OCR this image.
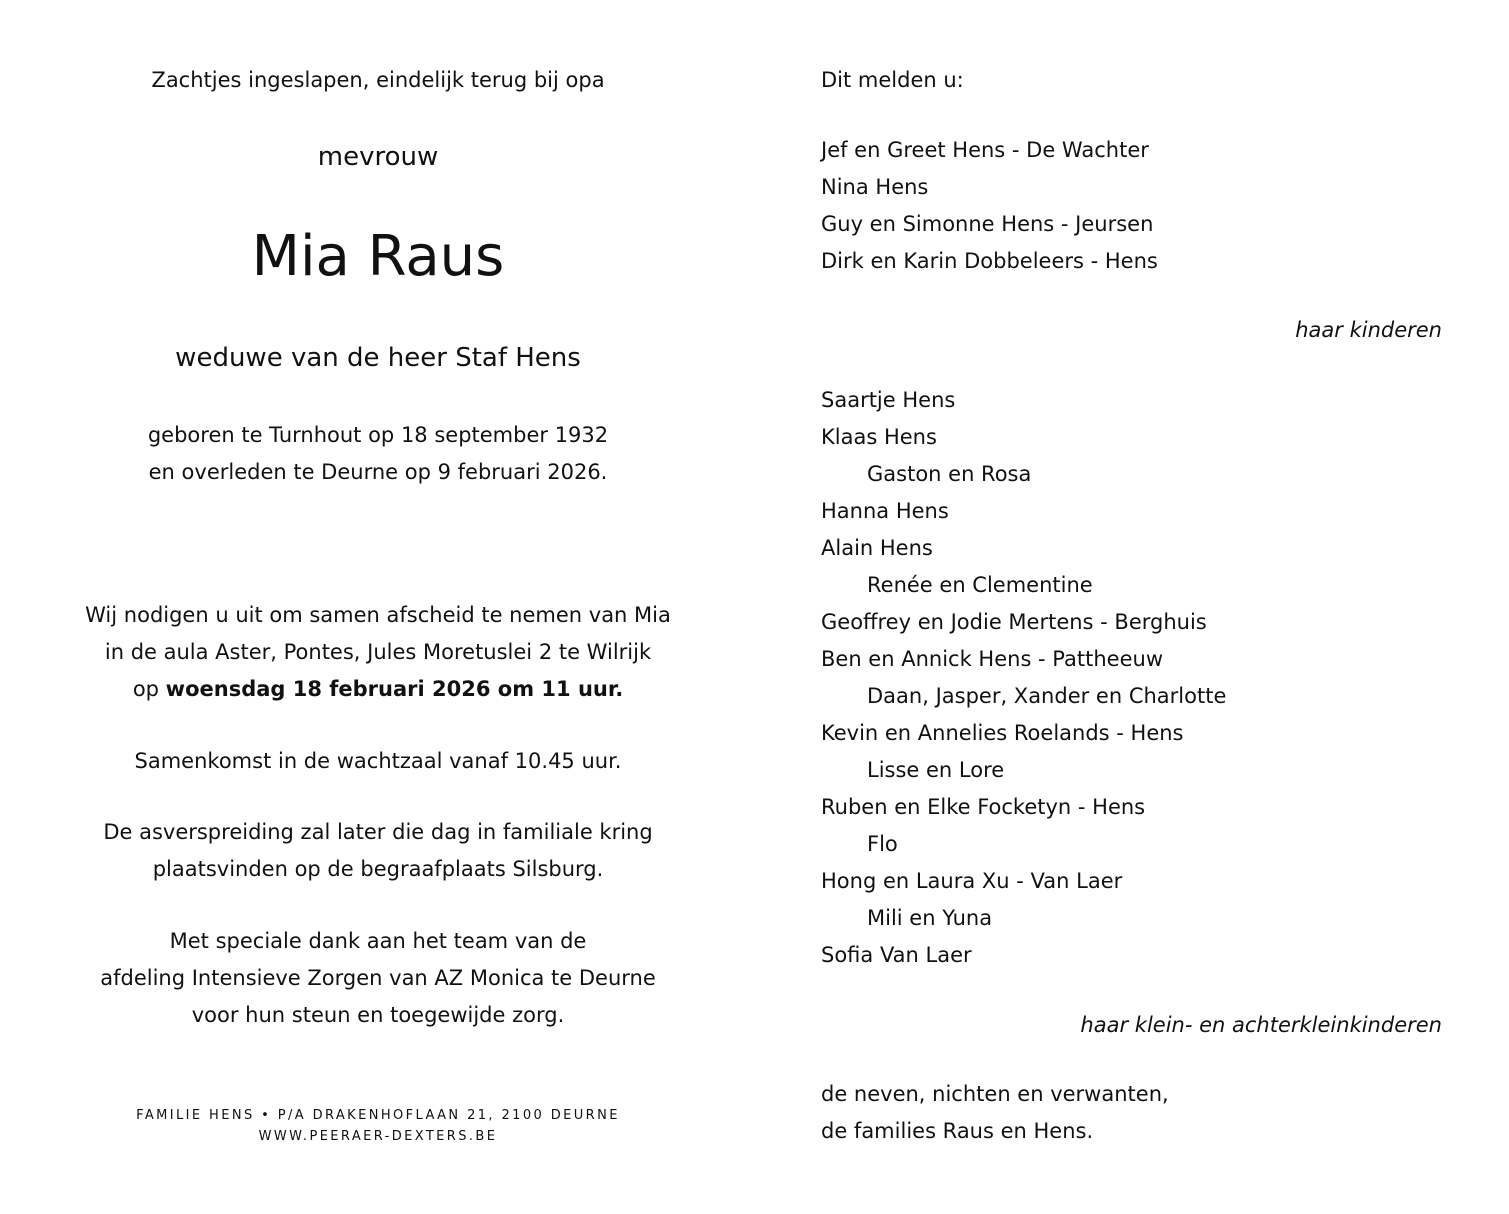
Zachtjes ingeslapen, eindelijk terug bij opa
mevrouw
Mia Raus
weduwe van de heer Staf Hens
geboren te Turnhout op 18 september 1932
en overleden te Deurne op 9 februari 2026.
Wij nodigen u uit om samen afscheid te nemen van Mia
in de aula Aster, Pontes, Jules Moretuslei 2 te Wilrijk
op woensdag 18 februari 2026 om 11 uur.
Samenkomst in de wachtzaal vanaf 10.45 uur.
De asverspreiding zal later die dag in familiale kring
plaatsvinden op de begraafplaats Silsburg.
Met speciale dank aan het team van de
afdeling Intensieve Zorgen van AZ Monica te Deurne
voor hun steun en toegewijde zorg.
FAMILIE HENS • P/A DRAKENHOFLAAN 21, 2100 DEURNE
WWW.PEERAER-DEXTERS.BE
Dit melden u:
Jef en Greet Hens - De Wachter
Nina Hens
Guy en Simonne Hens - Jeursen
Dirk en Karin Dobbeleers - Hens
haar kinderen
Saartje Hens
Klaas Hens
Gaston en Rosa
Hanna Hens
Alain Hens
Renée en Clementine
Geoffrey en Jodie Mertens - Berghuis
Ben en Annick Hens - Pattheeuw
Daan, Jasper, Xander en Charlotte
Kevin en Annelies Roelands - Hens
Lisse en Lore
Ruben en Elke Focketyn - Hens
Flo
Hong en Laura Xu - Van Laer
Mili en Yuna
Sofia Van Laer
haar klein- en achterkleinkinderen
de neven, nichten en verwanten,
de families Raus en Hens.
